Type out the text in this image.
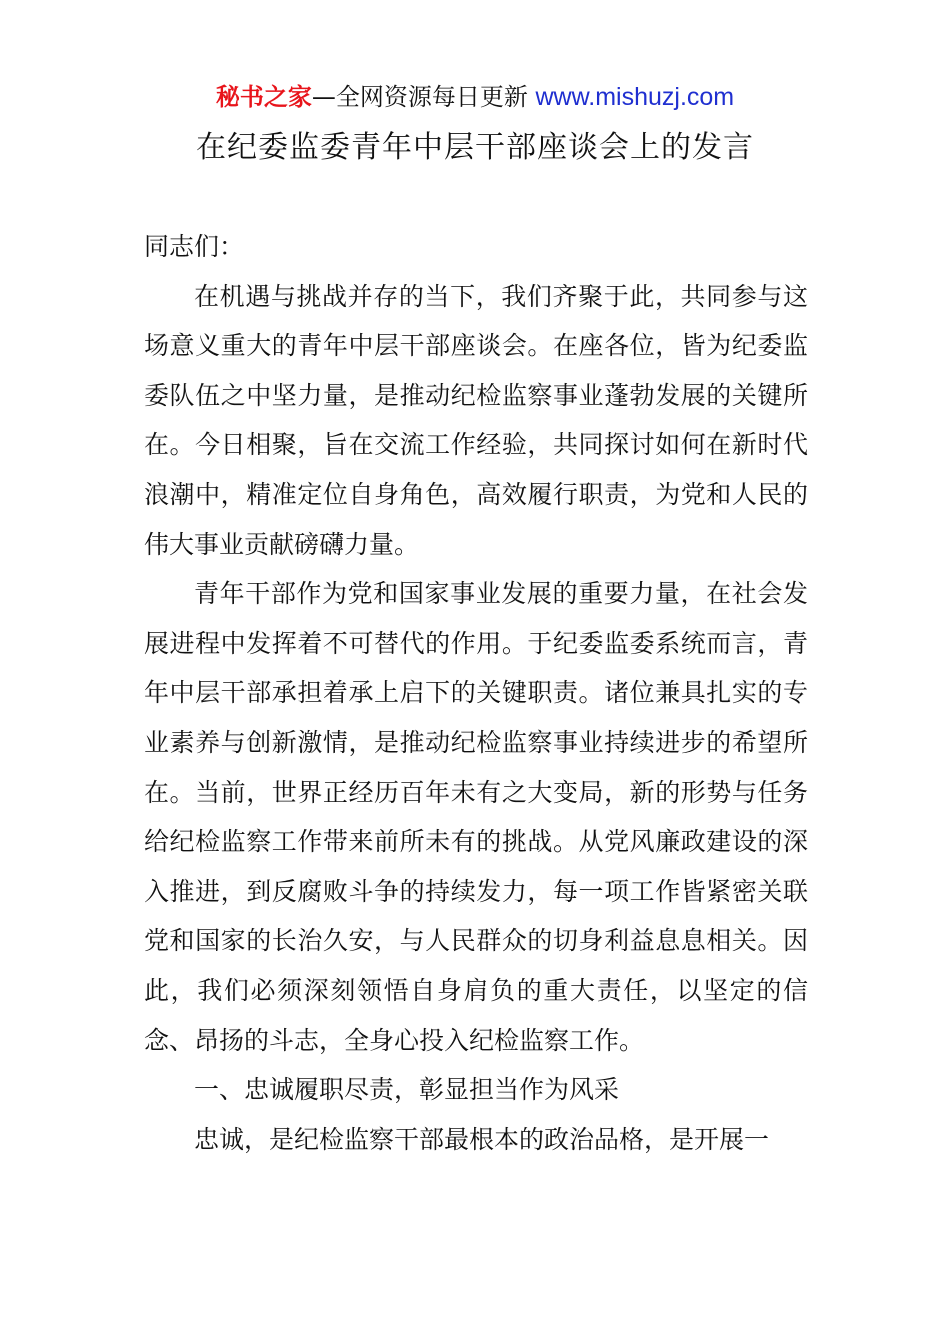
秘书之家—全网资源每日更新 www.mishuzj.com
在纪委监委青年中层干部座谈会上的发言

同志们：

在机遇与挑战并存的当下，我们齐聚于此，共同参与这场意义重大的青年中层干部座谈会。在座各位，皆为纪委监委队伍之中坚力量，是推动纪检监察事业蓬勃发展的关键所在。今日相聚，旨在交流工作经验，共同探讨如何在新时代浪潮中，精准定位自身角色，高效履行职责，为党和人民的伟大事业贡献磅礴力量。

青年干部作为党和国家事业发展的重要力量，在社会发展进程中发挥着不可替代的作用。于纪委监委系统而言，青年中层干部承担着承上启下的关键职责。诸位兼具扎实的专业素养与创新激情，是推动纪检监察事业持续进步的希望所在。当前，世界正经历百年未有之大变局，新的形势与任务给纪检监察工作带来前所未有的挑战。从党风廉政建设的深入推进，到反腐败斗争的持续发力，每一项工作皆紧密关联党和国家的长治久安，与人民群众的切身利益息息相关。因此，我们必须深刻领悟自身肩负的重大责任，以坚定的信念、昂扬的斗志，全身心投入纪检监察工作。

一、忠诚履职尽责，彰显担当作为风采

忠诚，是纪检监察干部最根本的政治品格，是开展一
